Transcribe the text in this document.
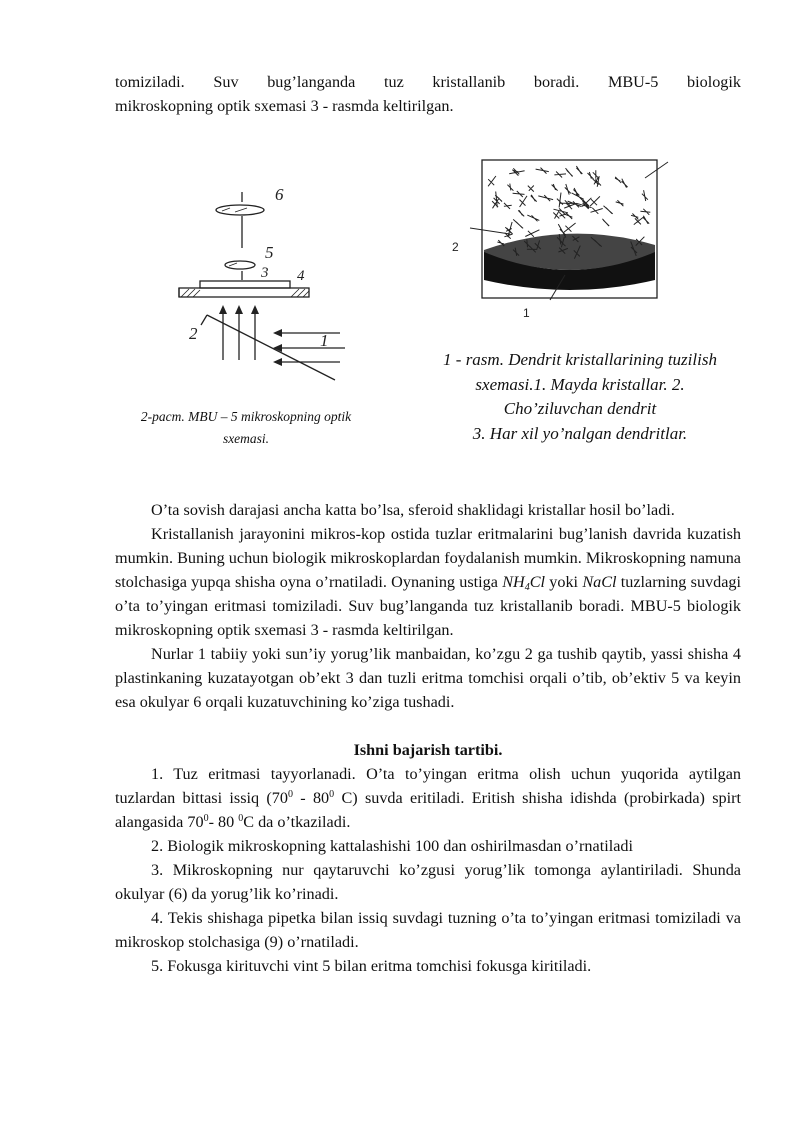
tomiziladi. Suv bug’langanda tuz kristallanib boradi. MBU-5 biologik

mikroskopning optik sxemasi 3 - rasmda keltirilgan.

6
5
3 4
2	1
2-рacm. MBU – 5 mikroskopning optik
sxemasi.
2
1
1 - rasm. Dendrit kristallarining tuzilish
sxemasi.1. Mayda kristallar. 2.
Cho’ziluvchan dendrit
3. Har xil yo’nalgan dendritlar.

O’ta sovish darajasi ancha katta bo’lsa, sferoid shaklidagi kristallar hosil bo’ladi.

Kristallanish jarayonini mikros-kop ostida tuzlar eritmalarini bug’lanish davrida kuzatish mumkin. Buning uchun biologik mikroskoplardan foydalanish mumkin. Mikroskopning namuna stolchasiga yupqa shisha oyna o’rnatiladi. Oynaning ustiga $NH_4Cl$ yoki NaCl tuzlarning suvdagi o’ta to’yingan eritmasi tomiziladi. Suv bug’langanda tuz kristallanib boradi. MBU-5 biologik mikroskopning optik sxemasi 3 - rasmda keltirilgan.

Nurlar 1 tabiiy yoki sun’iy yorug’lik manbaidan, ko’zgu 2 ga tushib qaytib, yassi shisha 4 plastinkaning kuzatayotgan ob’ekt 3 dan tuzli eritma tomchisi orqali o’tib, ob’ektiv 5 va keyin esa okulyar 6 orqali kuzatuvchining ko’ziga tushadi.

Ishni bajarish tartibi.

1. Tuz eritmasi tayyorlanadi. O’ta to’yingan eritma olish uchun yuqorida aytilgan tuzlardan bittasi issiq ($70^0 - 80^0$ C) suvda eritiladi. Eritish shisha idishda (probirkada) spirt alangasida $70^0-$ 80 $^0$C da o’tkaziladi.

2. Biologik mikroskopning kattalashishi 100 dan oshirilmasdan o’rnatiladi

3. Mikroskopning nur qaytaruvchi ko’zgusi yorug’lik tomonga aylantiriladi. Shunda okulyar (6) da yorug’lik ko’rinadi.

4. Tekis shishaga pipetka bilan issiq suvdagi tuzning o’ta to’yingan eritmasi tomiziladi va mikroskop stolchasiga (9) o’rnatiladi.

5. Fokusga kirituvchi vint 5 bilan eritma tomchisi fokusga kiritiladi.
